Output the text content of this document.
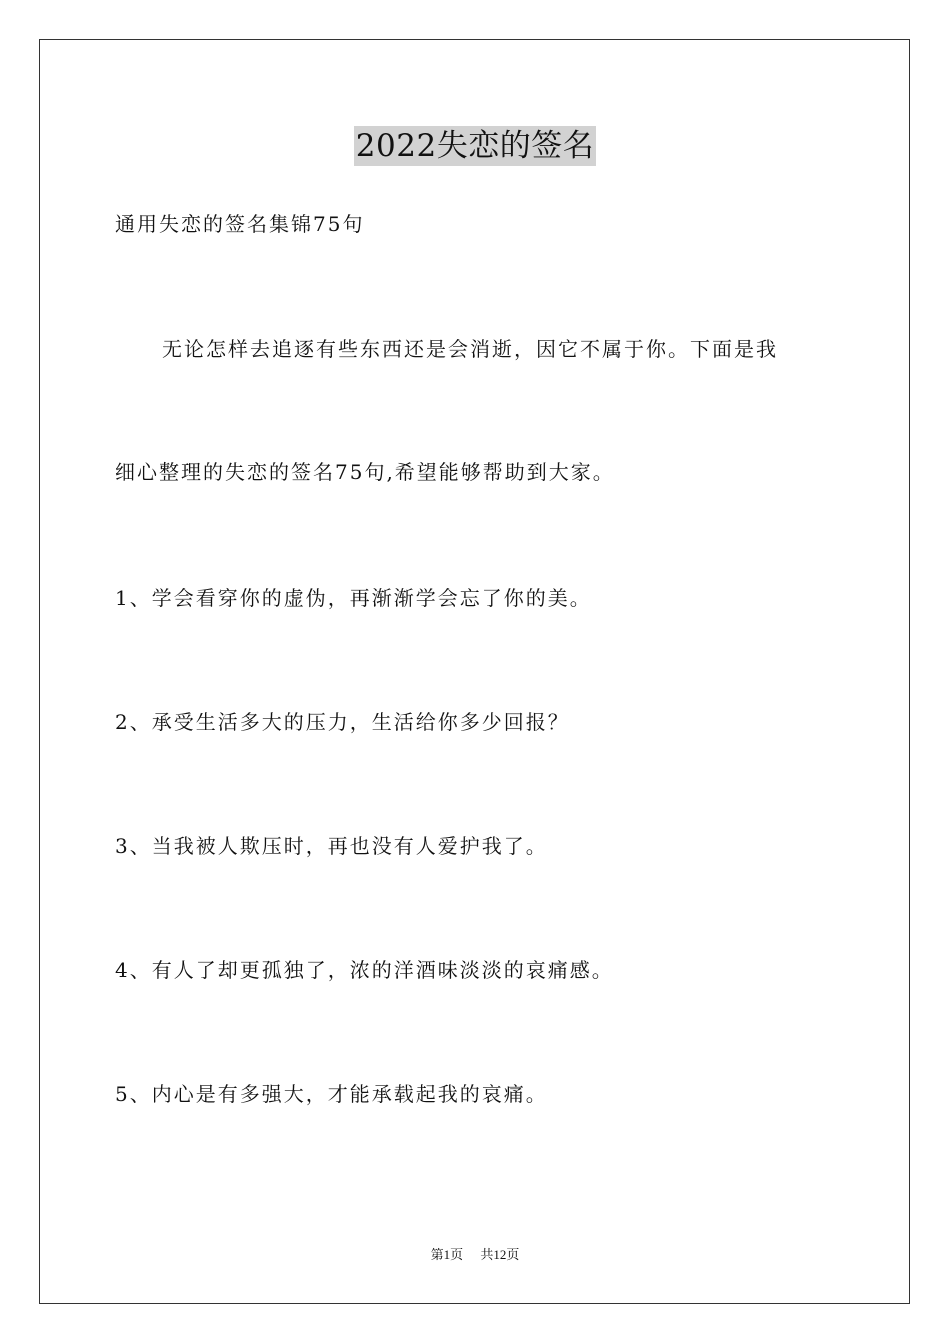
2022失恋的签名
通用失恋的签名集锦75句
无论怎样去追逐有些东西还是会消逝，因它不属于你。下面是我
细心整理的失恋的签名75句,希望能够帮助到大家。
1、学会看穿你的虚伪，再渐渐学会忘了你的美。
2、承受生活多大的压力，生活给你多少回报？
3、当我被人欺压时，再也没有人爱护我了。
4、有人了却更孤独了，浓的洋酒味淡淡的哀痛感。
5、内心是有多强大，才能承载起我的哀痛。
第1页 共12页
